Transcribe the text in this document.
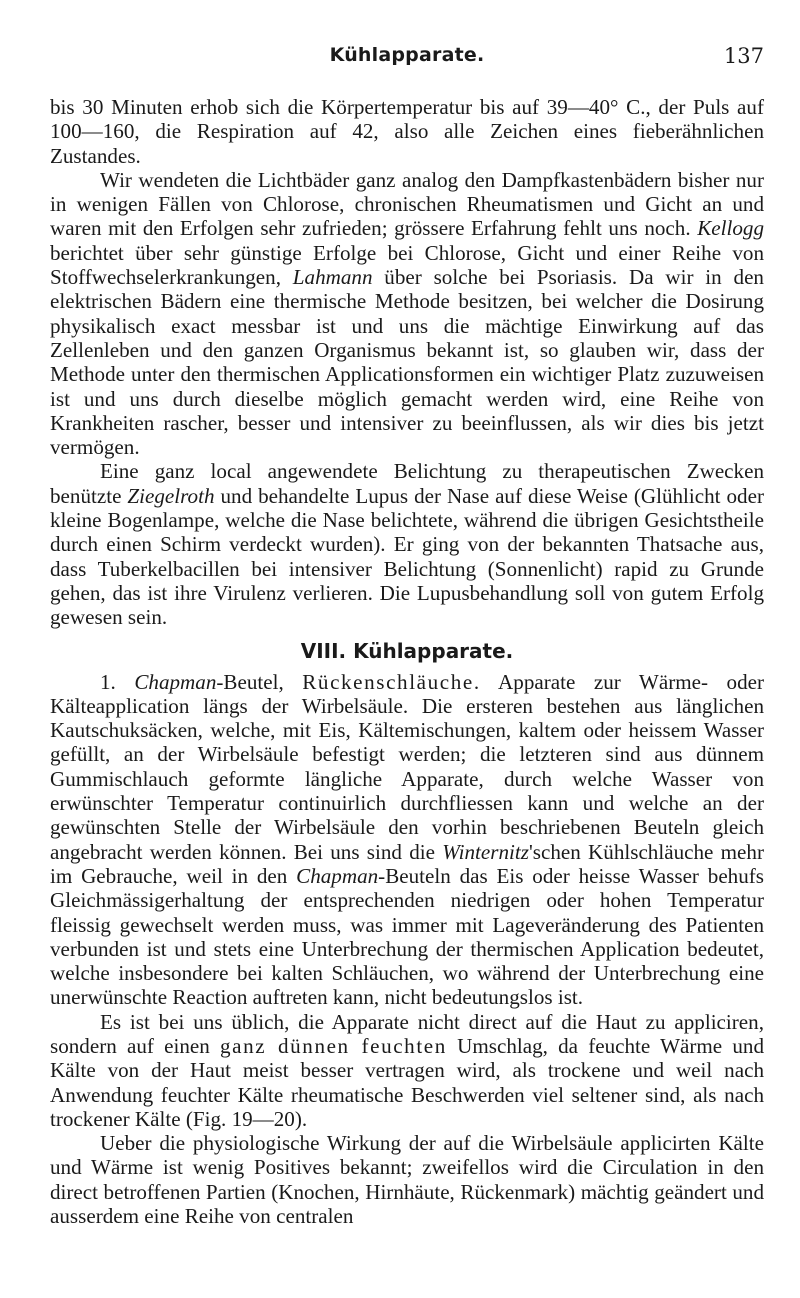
Kühlapparate.	137

bis 30 Minuten erhob sich die Körpertemperatur bis auf 39—40° C., der Puls auf 100—160, die Respiration auf 42, also alle Zeichen eines fieberähnlichen Zustandes.

Wir wendeten die Lichtbäder ganz analog den Dampfkastenbädern bisher nur in wenigen Fällen von Chlorose, chronischen Rheumatismen und Gicht an und waren mit den Erfolgen sehr zufrieden; grössere Erfahrung fehlt uns noch. Kellogg berichtet über sehr günstige Erfolge bei Chlorose, Gicht und einer Reihe von Stoffwechselerkrankungen, Lahmann über solche bei Psoriasis. Da wir in den elektrischen Bädern eine thermische Methode besitzen, bei welcher die Dosirung physikalisch exact messbar ist und uns die mächtige Einwirkung auf das Zellenleben und den ganzen Organismus bekannt ist, so glauben wir, dass der Methode unter den thermischen Applicationsformen ein wichtiger Platz zuzuweisen ist und uns durch dieselbe möglich gemacht werden wird, eine Reihe von Krankheiten rascher, besser und intensiver zu beeinflussen, als wir dies bis jetzt vermögen.

Eine ganz local angewendete Belichtung zu therapeutischen Zwecken benützte Ziegelroth und behandelte Lupus der Nase auf diese Weise (Glühlicht oder kleine Bogenlampe, welche die Nase belichtete, während die übrigen Gesichtstheile durch einen Schirm verdeckt wurden). Er ging von der bekannten Thatsache aus, dass Tuberkelbacillen bei intensiver Belichtung (Sonnenlicht) rapid zu Grunde gehen, das ist ihre Virulenz verlieren. Die Lupusbehandlung soll von gutem Erfolg gewesen sein.

VIII. Kühlapparate.

1. Chapman-Beutel, Rückenschläuche. Apparate zur Wärme- oder Kälteapplication längs der Wirbelsäule. Die ersteren bestehen aus länglichen Kautschuksäcken, welche, mit Eis, Kältemischungen, kaltem oder heissem Wasser gefüllt, an der Wirbelsäule befestigt werden; die letzteren sind aus dünnem Gummischlauch geformte längliche Apparate, durch welche Wasser von erwünschter Temperatur continuirlich durchfliessen kann und welche an der gewünschten Stelle der Wirbelsäule den vorhin beschriebenen Beuteln gleich angebracht werden können. Bei uns sind die Winternitz'schen Kühlschläuche mehr im Gebrauche, weil in den Chapman-Beuteln das Eis oder heisse Wasser behufs Gleichmässigerhaltung der entsprechenden niedrigen oder hohen Temperatur fleissig gewechselt werden muss, was immer mit Lageveränderung des Patienten verbunden ist und stets eine Unterbrechung der thermischen Application bedeutet, welche insbesondere bei kalten Schläuchen, wo während der Unterbrechung eine unerwünschte Reaction auftreten kann, nicht bedeutungslos ist.

Es ist bei uns üblich, die Apparate nicht direct auf die Haut zu appliciren, sondern auf einen ganz dünnen feuchten Umschlag, da feuchte Wärme und Kälte von der Haut meist besser vertragen wird, als trockene und weil nach Anwendung feuchter Kälte rheumatische Beschwerden viel seltener sind, als nach trockener Kälte (Fig. 19—20).

Ueber die physiologische Wirkung der auf die Wirbelsäule applicirten Kälte und Wärme ist wenig Positives bekannt; zweifellos wird die Circulation in den direct betroffenen Partien (Knochen, Hirnhäute, Rückenmark) mächtig geändert und ausserdem eine Reihe von centralen
